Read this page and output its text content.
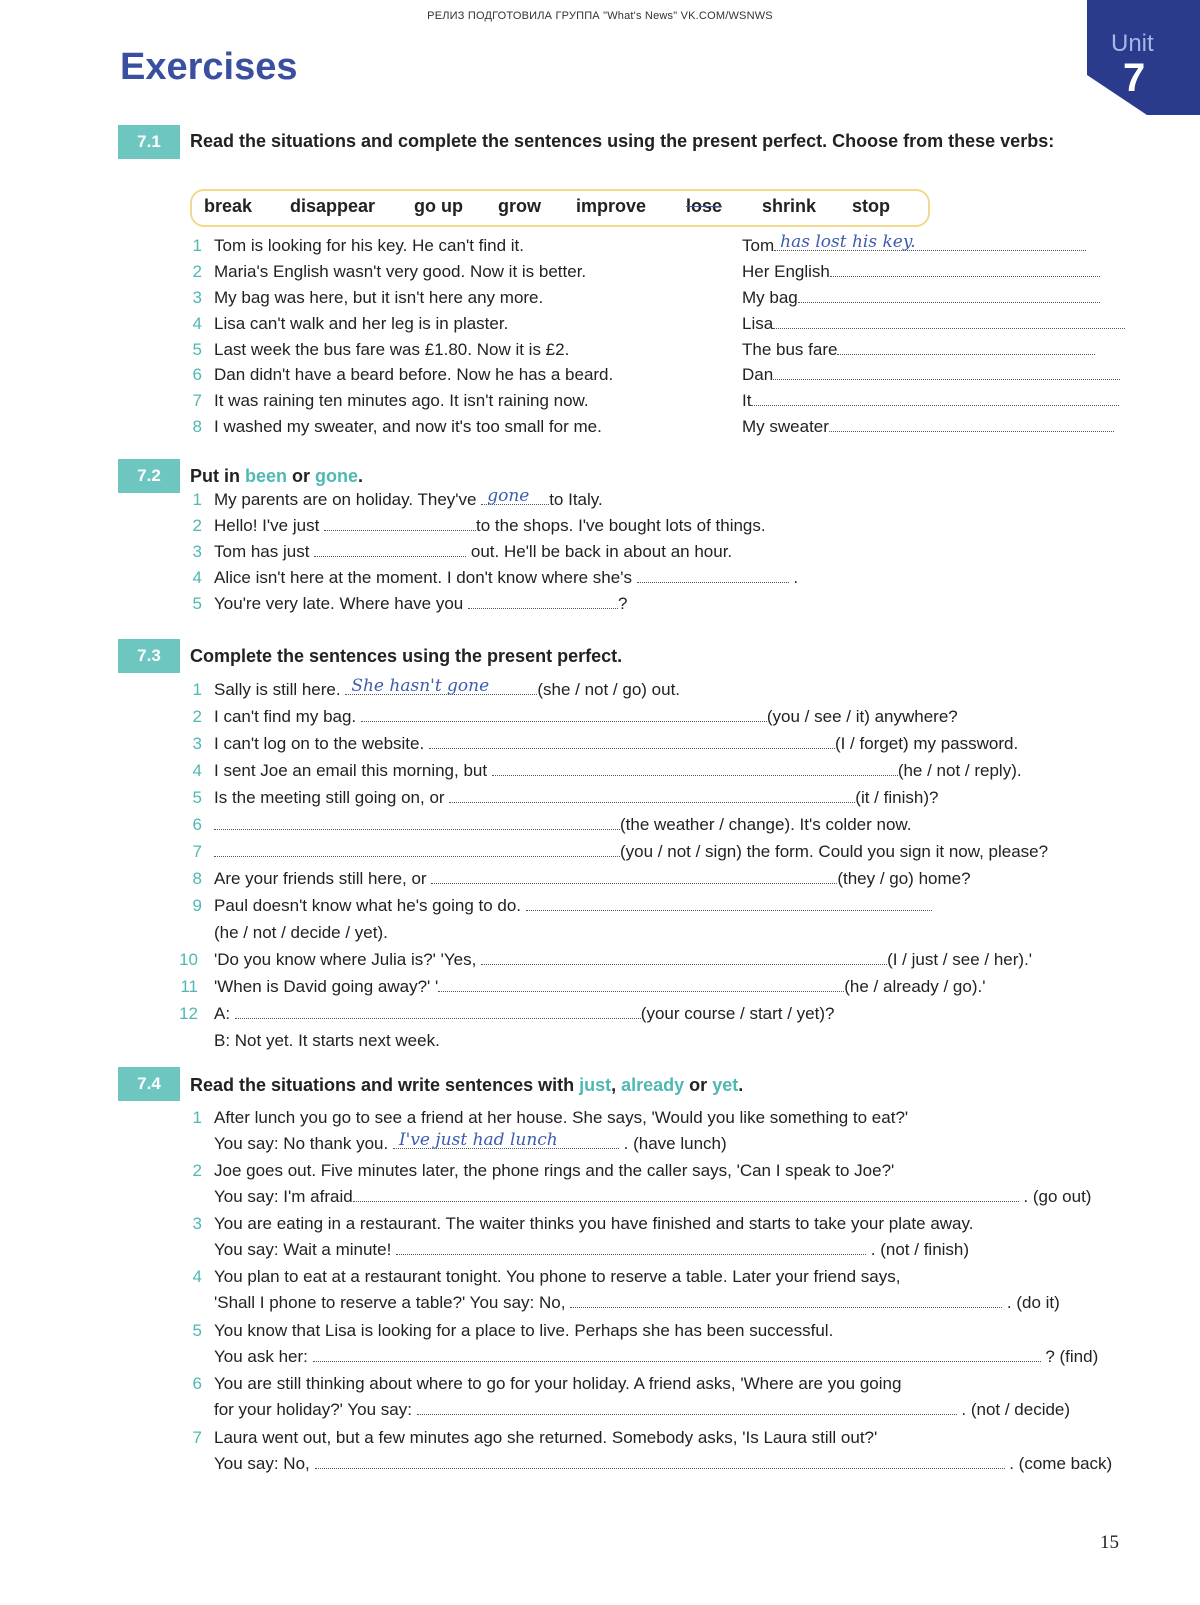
РЕЛИЗ ПОДГОТОВИЛА ГРУППА "What's News" VK.COM/WSNWS
Exercises
Unit
7
7.1	Read the situations and complete the sentences using the present perfect. Choose from these verbs:
break disappear go up grow improve lose shrink stop
1 Tom is looking for his key. He can't find it.	Tom has lost his key.
2 Maria's English wasn't very good. Now it is better.	Her English
3 My bag was here, but it isn't here any more.	My bag
4 Lisa can't walk and her leg is in plaster.	Lisa
5 Last week the bus fare was £1.80. Now it is £2.	The bus fare
6 Dan didn't have a beard before. Now he has a beard.	Dan
7 It was raining ten minutes ago. It isn't raining now.	It
8 I washed my sweater, and now it's too small for me.	My sweater
7.2	Put in been or gone.
1 My parents are on holiday. They've gone to Italy.
2 Hello! I've just	to the shops. I've bought lots of things.
3 Tom has just	out. He'll be back in about an hour.
4 Alice isn't here at the moment. I don't know where she's	.
5 You're very late. Where have you	?
7.3	Complete the sentences using the present perfect.
1 Sally is still here. She hasn't gone	(she / not / go) out.
2 I can't find my bag.	(you / see / it) anywhere?
3 I can't log on to the website.	(I / forget) my password.
4 I sent Joe an email this morning, but	(he / not / reply).
5 Is the meeting still going on, or	(it / finish)?
6	(the weather / change). It's colder now.
7	(you / not / sign) the form. Could you sign it now, please?
8 Are your friends still here, or	(they / go) home?
9 Paul doesn't know what he's going to do.
10 'Do you know where Julia is?' 'Yes,	(I / just / see / her).'
11 'When is David going away?' '	(he / already / go).'
12 A:	(your course / start / yet)?
(he / not / decide / yet).
B: Not yet. It starts next week.
7.4	Read the situations and write sentences with just, already or yet.
1 After lunch you go to see a friend at her house. She says, 'Would you like something to eat?'
You say: No thank you. I've just had lunch	. (have lunch)
2 Joe goes out. Five minutes later, the phone rings and the caller says, 'Can I speak to Joe?'
You say: I'm afraid	. (go out)
3 You are eating in a restaurant. The waiter thinks you have finished and starts to take your plate away.
You say: Wait a minute!	. (not / finish)
4 You plan to eat at a restaurant tonight. You phone to reserve a table. Later your friend says,
'Shall I phone to reserve a table?' You say: No,	. (do it)
5 You know that Lisa is looking for a place to live. Perhaps she has been successful.
You ask her:	? (find)
6 You are still thinking about where to go for your holiday. A friend asks, 'Where are you going
for your holiday?' You say:	. (not / decide)
7 Laura went out, but a few minutes ago she returned. Somebody asks, 'Is Laura still out?'
You say: No,	. (come back)
15
